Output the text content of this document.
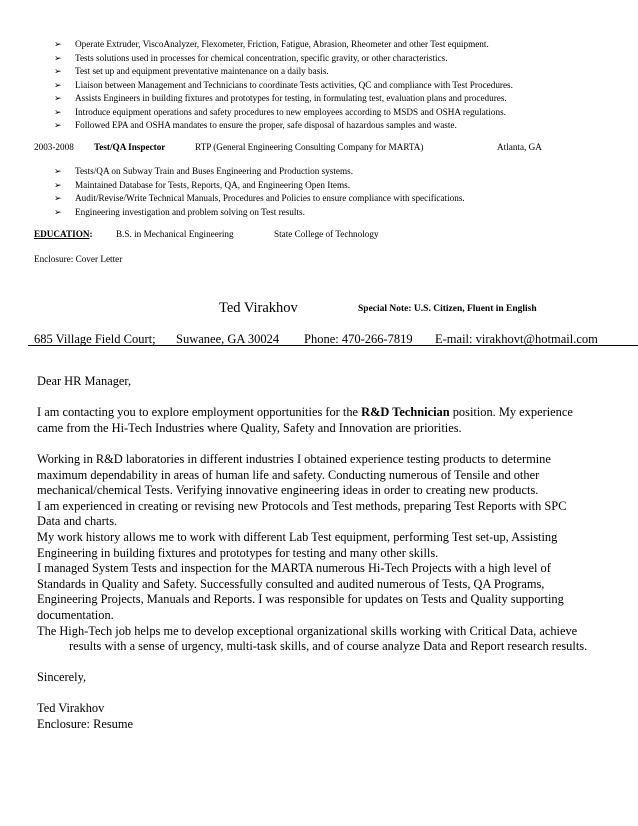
➢ Operate Extruder, ViscoAnalyzer, Flexometer, Friction, Fatigue, Abrasion, Rheometer and other Test equipment.
➢ Tests solutions used in processes for chemical concentration, specific gravity, or other characteristics.
➢ Test set up and equipment preventative maintenance on a daily basis.
➢ Liaison between Management and Technicians to coordinate Tests activities, QC and compliance with Test Procedures.
➢ Assists Engineers in building fixtures and prototypes for testing, in formulating test, evaluation plans and procedures.
➢ Introduce equipment operations and safety procedures to new employees according to MSDS and OSHA regulations.
➢ Followed EPA and OSHA mandates to ensure the proper, safe disposal of hazardous samples and waste.
2003-2008 Test/QA Inspector	RTP (General Engineering Consulting Company for MARTA)	Atlanta, GA
➢ Tests/QA on Subway Train and Buses Engineering and Production systems.
➢ Maintained Database for Tests, Reports, QA, and Engineering Open Items.
➢ Audit/Revise/Write Technical Manuals, Procedures and Policies to ensure compliance with specifications.
➢ Engineering investigation and problem solving on Test results.
EDUCATION:	B.S. in Mechanical Engineering	State College of Technology
Enclosure: Cover Letter
Ted Virakhov	Special Note: U.S. Citizen, Fluent in English
685 Village Field Court; Suwanee, GA 30024 Phone: 470-266-7819 E-mail: virakhovt@hotmail.com

Dear HR Manager,

I am contacting you to explore employment opportunities for the R&D Technician position. My experience

came from the Hi-Tech Industries where Quality, Safety and Innovation are priorities.

Working in R&D laboratories in different industries I obtained experience testing products to determine

maximum dependability in areas of human life and safety. Conducting numerous of Tensile and other

mechanical/chemical Tests. Verifying innovative engineering ideas in order to creating new products.

I am experienced in creating or revising new Protocols and Test methods, preparing Test Reports with SPC

Data and charts.

My work history allows me to work with different Lab Test equipment, performing Test set-up, Assisting

Engineering in building fixtures and prototypes for testing and many other skills.

I managed System Tests and inspection for the MARTA numerous Hi-Tech Projects with a high level of

Standards in Quality and Safety. Successfully consulted and audited numerous of Tests, QA Programs,

Engineering Projects, Manuals and Reports. I was responsible for updates on Tests and Quality supporting

documentation.

The High-Tech job helps me to develop exceptional organizational skills working with Critical Data, achieve

results with a sense of urgency, multi-task skills, and of course analyze Data and Report research results.

Sincerely,

Ted Virakhov

Enclosure: Resume
